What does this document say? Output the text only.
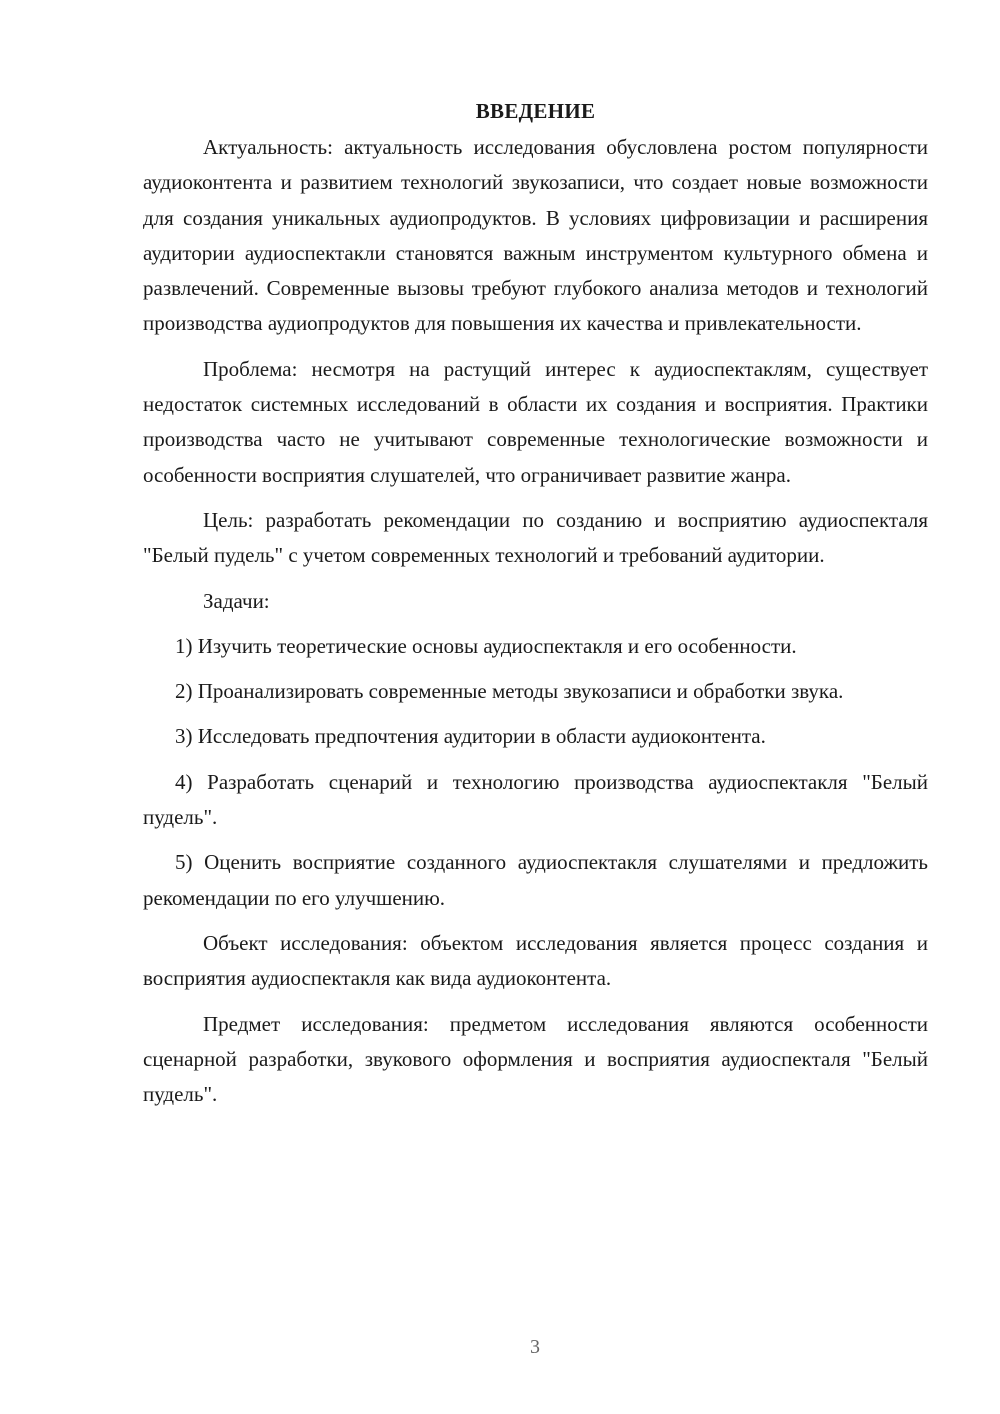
ВВЕДЕНИЕ

Актуальность: актуальность исследования обусловлена ростом популярности аудиоконтента и развитием технологий звукозаписи, что создает новые возможности для создания уникальных аудиопродуктов. В условиях цифровизации и расширения аудитории аудиоспектакли становятся важным инструментом культурного обмена и развлечений. Современные вызовы требуют глубокого анализа методов и технологий производства аудиопродуктов для повышения их качества и привлекательности.

Проблема: несмотря на растущий интерес к аудиоспектаклям, существует недостаток системных исследований в области их создания и восприятия. Практики производства часто не учитывают современные технологические возможности и особенности восприятия слушателей, что ограничивает развитие жанра.

Цель: разработать рекомендации по созданию и восприятию аудиоспекталя "Белый пудель" с учетом современных технологий и требований аудитории.

Задачи:

1) Изучить теоретические основы аудиоспектакля и его особенности.

2) Проанализировать современные методы звукозаписи и обработки звука.

3) Исследовать предпочтения аудитории в области аудиоконтента.

4) Разработать сценарий и технологию производства аудиоспектакля "Белый пудель".

5) Оценить восприятие созданного аудиоспектакля слушателями и предложить рекомендации по его улучшению.

Объект исследования: объектом исследования является процесс создания и восприятия аудиоспектакля как вида аудиоконтента.

Предмет исследования: предметом исследования являются особенности сценарной разработки, звукового оформления и восприятия аудиоспекталя "Белый пудель".

3
